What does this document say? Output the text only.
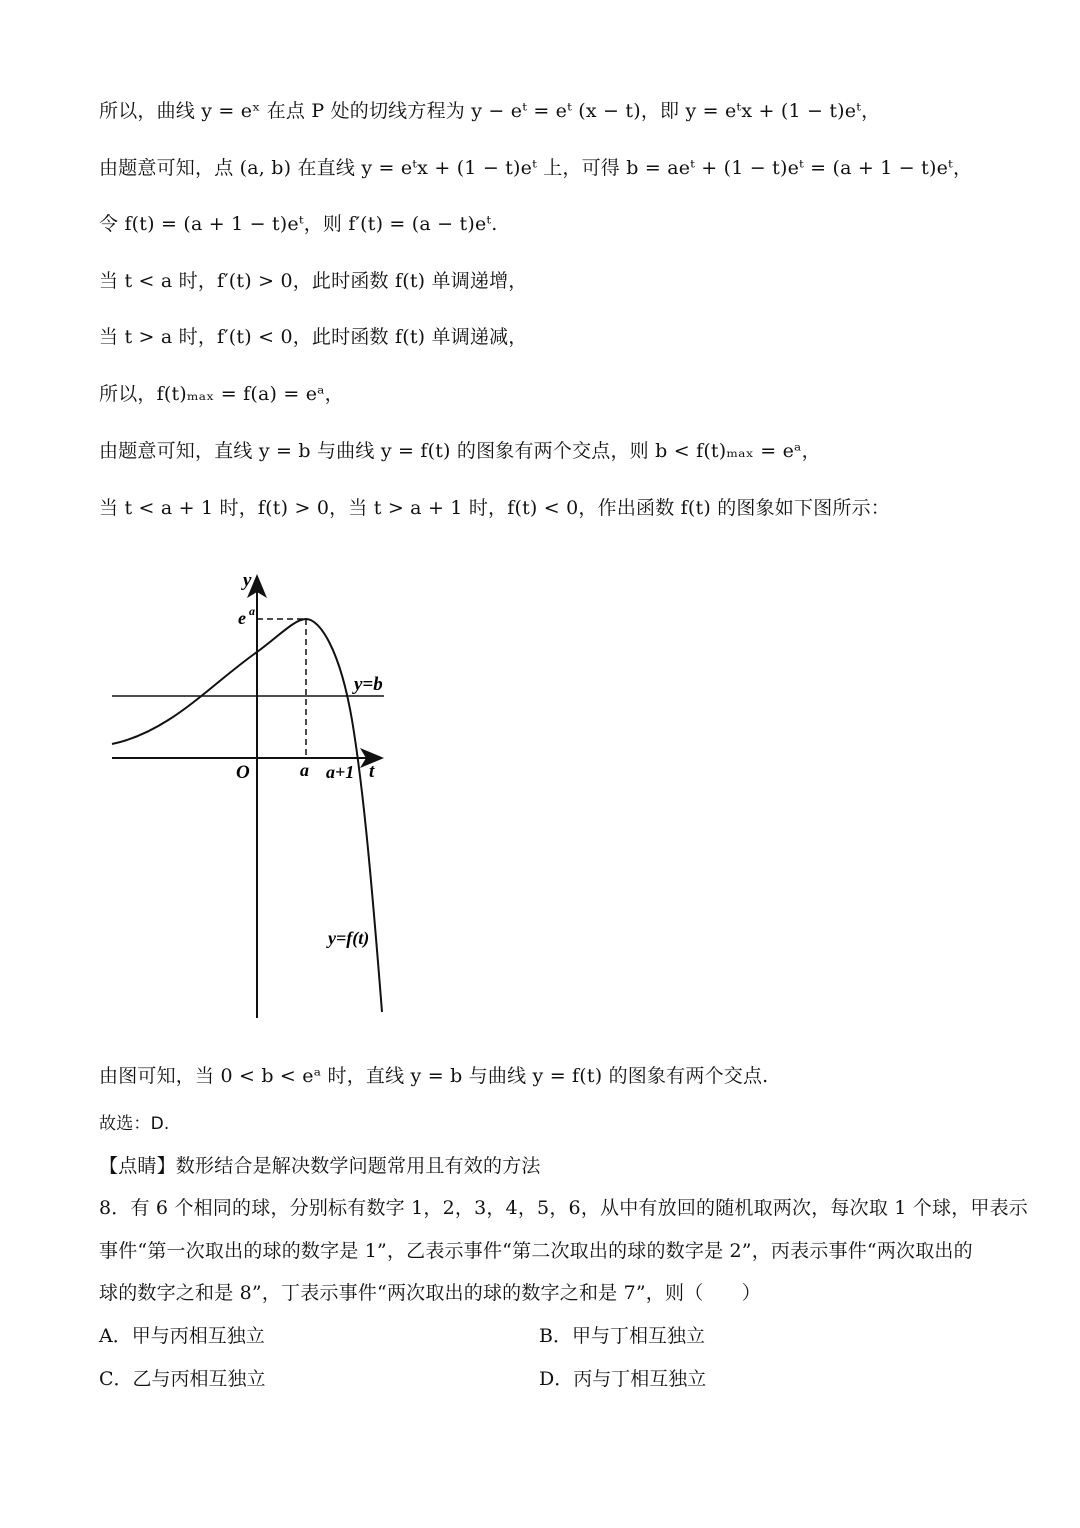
所以，曲线 y = eˣ 在点 P 处的切线方程为 y − eᵗ = eᵗ (x − t)，即 y = eᵗx + (1 − t)eᵗ，
由题意可知，点 (a, b) 在直线 y = eᵗx + (1 − t)eᵗ 上，可得 b = aeᵗ + (1 − t)eᵗ = (a + 1 − t)eᵗ，
令 f(t) = (a + 1 − t)eᵗ，则 f′(t) = (a − t)eᵗ.
当 t < a 时，f′(t) > 0，此时函数 f(t) 单调递增，
当 t > a 时，f′(t) < 0，此时函数 f(t) 单调递减，
所以，f(t)ₘₐₓ = f(a) = eᵃ，
由题意可知，直线 y = b 与曲线 y = f(t) 的图象有两个交点，则 b < f(t)ₘₐₓ = eᵃ，
当 t < a + 1 时，f(t) > 0，当 t > a + 1 时，f(t) < 0，作出函数 f(t) 的图象如下图所示：
y
e a
y=b
O	a a+1 t
y=f(t)
由图可知，当 0 < b < eᵃ 时，直线 y = b 与曲线 y = f(t) 的图象有两个交点.
故选：D.
【点睛】数形结合是解决数学问题常用且有效的方法
8．有 6 个相同的球，分别标有数字 1，2，3，4，5，6，从中有放回的随机取两次，每次取 1 个球，甲表示
事件“第一次取出的球的数字是 1”，乙表示事件“第二次取出的球的数字是 2”，丙表示事件“两次取出的
球的数字之和是 8”，丁表示事件“两次取出的球的数字之和是 7”，则（　　）
A．甲与丙相互独立	B．甲与丁相互独立
C．乙与丙相互独立	D．丙与丁相互独立
